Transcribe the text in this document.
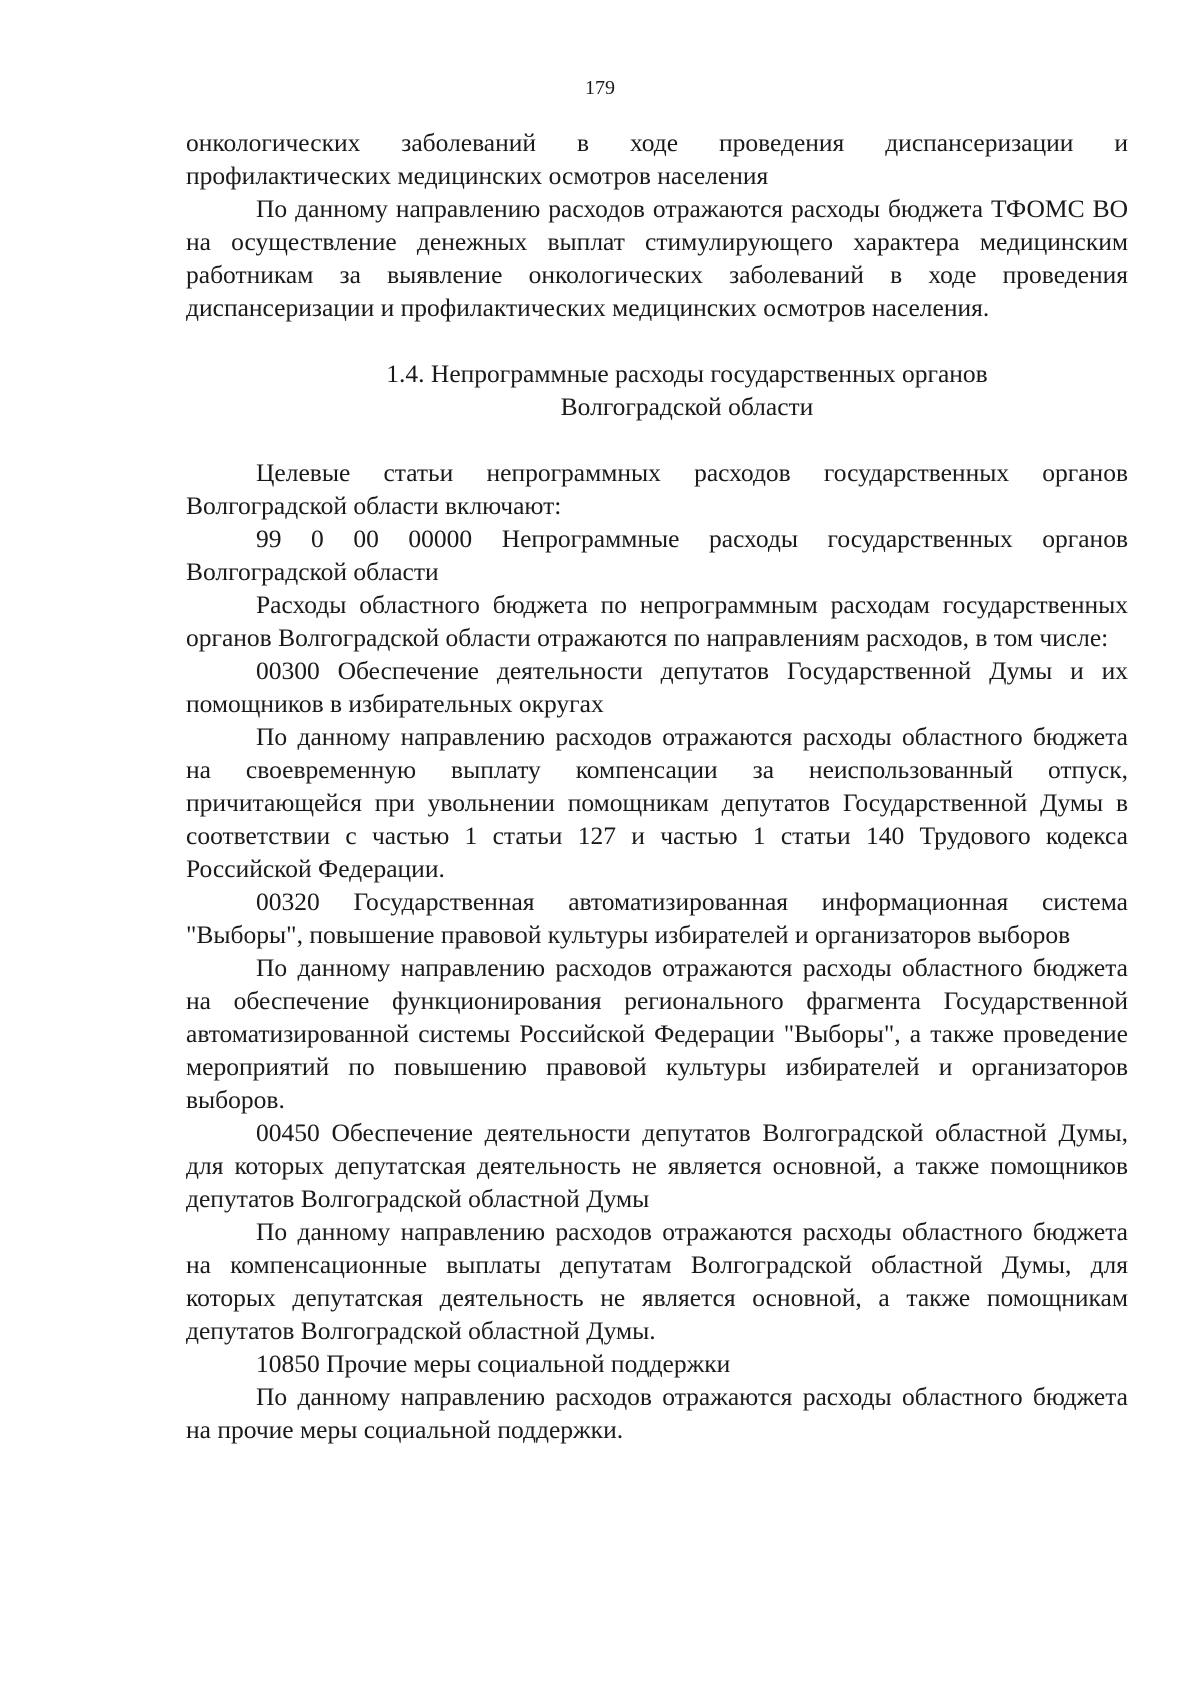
179

онкологических заболеваний в ходе проведения диспансеризации и профилактических медицинских осмотров населения

По данному направлению расходов отражаются расходы бюджета ТФОМС ВО на осуществление денежных выплат стимулирующего характера медицинским работникам за выявление онкологических заболеваний в ходе проведения диспансеризации и профилактических медицинских осмотров населения.

1.4. Непрограммные расходы государственных органов
Волгоградской области

Целевые статьи непрограммных расходов государственных органов Волгоградской области включают:

99 0 00 00000 Непрограммные расходы государственных органов Волгоградской области

Расходы областного бюджета по непрограммным расходам государственных органов Волгоградской области отражаются по направлениям расходов, в том числе:

00300 Обеспечение деятельности депутатов Государственной Думы и их помощников в избирательных округах

По данному направлению расходов отражаются расходы областного бюджета на своевременную выплату компенсации за неиспользованный отпуск, причитающейся при увольнении помощникам депутатов Государственной Думы в соответствии с частью 1 статьи 127 и частью 1 статьи 140 Трудового кодекса Российской Федерации.

00320 Государственная автоматизированная информационная система "Выборы", повышение правовой культуры избирателей и организаторов выборов

По данному направлению расходов отражаются расходы областного бюджета на обеспечение функционирования регионального фрагмента Государственной автоматизированной системы Российской Федерации "Выборы", а также проведение мероприятий по повышению правовой культуры избирателей и организаторов выборов.

00450 Обеспечение деятельности депутатов Волгоградской областной Думы, для которых депутатская деятельность не является основной, а также помощников депутатов Волгоградской областной Думы

По данному направлению расходов отражаются расходы областного бюджета на компенсационные выплаты депутатам Волгоградской областной Думы, для которых депутатская деятельность не является основной, а также помощникам депутатов Волгоградской областной Думы.

10850 Прочие меры социальной поддержки

По данному направлению расходов отражаются расходы областного бюджета на прочие меры социальной поддержки.
